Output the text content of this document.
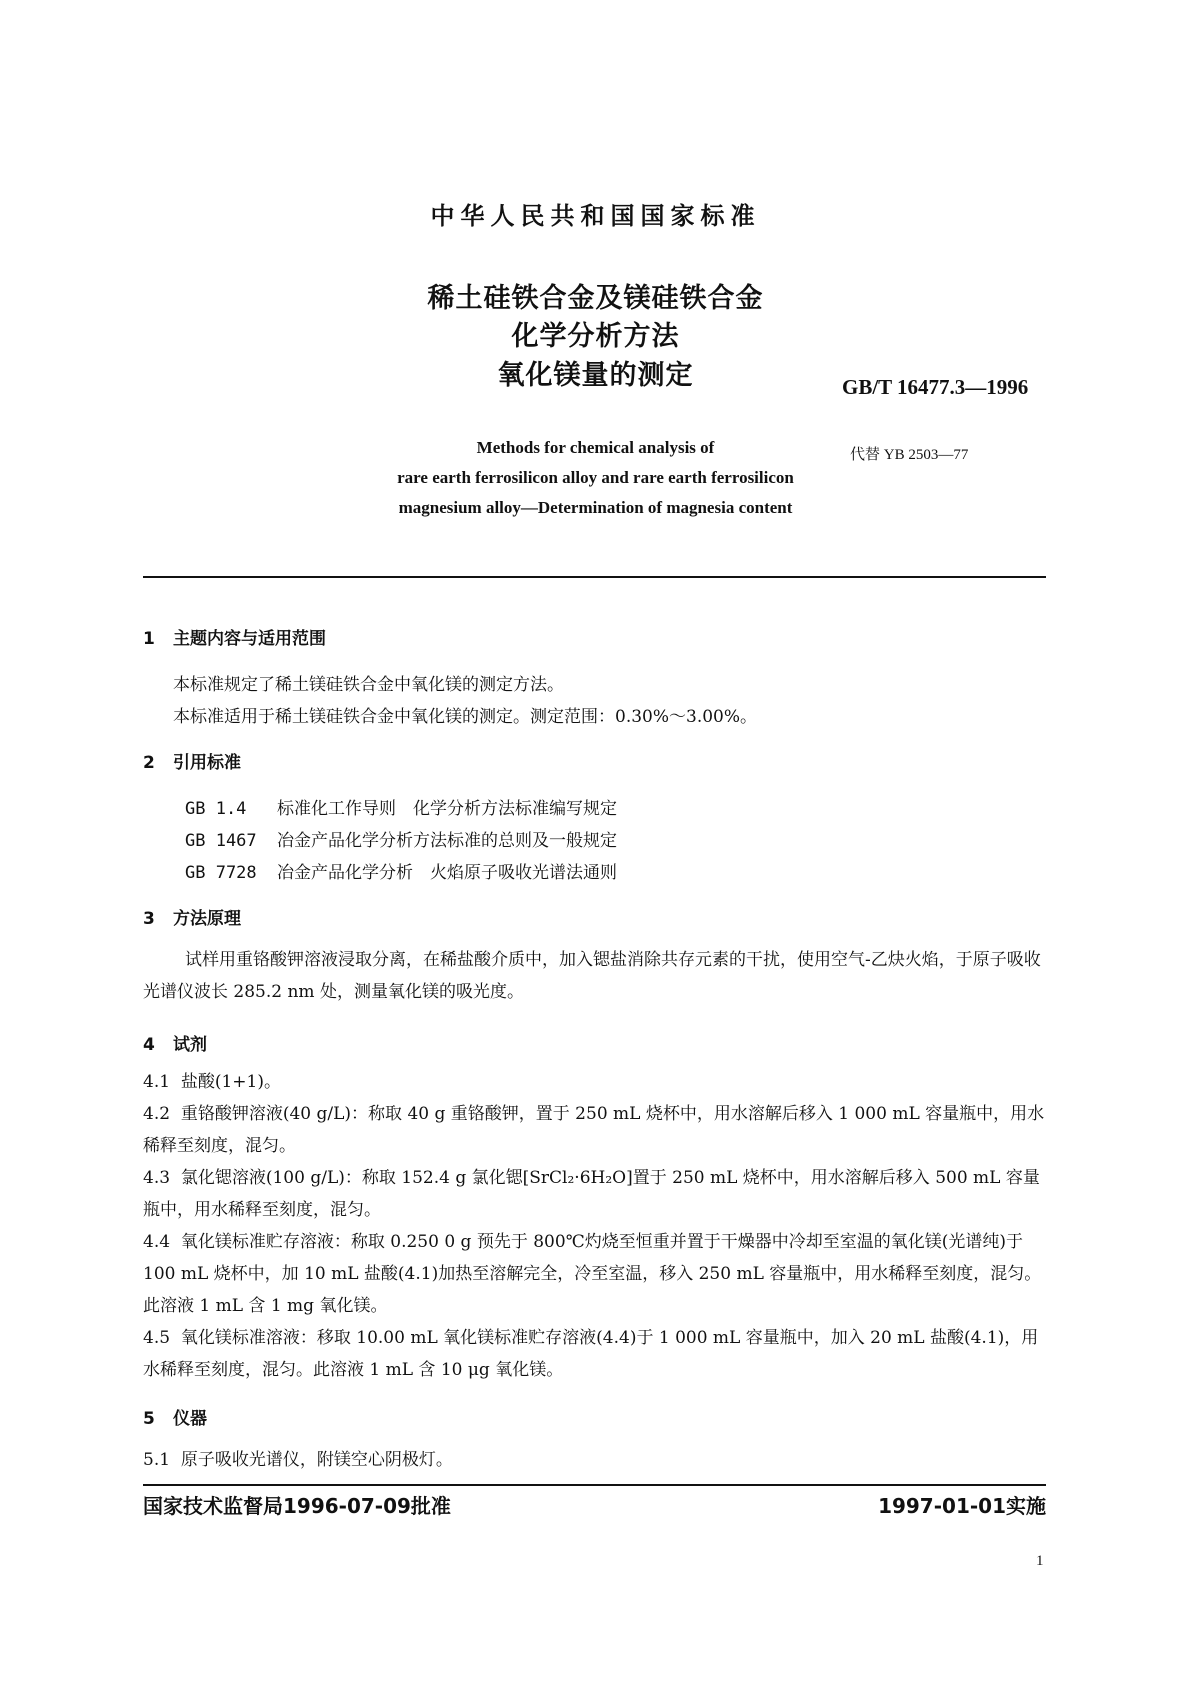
中华人民共和国国家标准
稀土硅铁合金及镁硅铁合金
化学分析方法
氧化镁量的测定	GB/T 16477.3—1996
Methods for chemical analysis of
rare earth ferrosilicon alloy and rare earth ferrosilicon
magnesium alloy—Determination of magnesia content
代替 YB 2503—77
1 主题内容与适用范围
本标准规定了稀土镁硅铁合金中氧化镁的测定方法。
本标准适用于稀土镁硅铁合金中氧化镁的测定。测定范围：0.30%～3.00%。
2 引用标准
GB 1.4 标准化工作导则　化学分析方法标准编写规定
GB 1467 冶金产品化学分析方法标准的总则及一般规定
GB 7728 冶金产品化学分析　火焰原子吸收光谱法通则
3 方法原理
试样用重铬酸钾溶液浸取分离，在稀盐酸介质中，加入锶盐消除共存元素的干扰，使用空气-乙炔火焰，于原子吸收光谱仪波长 285.2 nm 处，测量氧化镁的吸光度。
4 试剂
4.1 盐酸(1+1)。
4.2 重铬酸钾溶液(40 g/L)：称取 40 g 重铬酸钾，置于 250 mL 烧杯中，用水溶解后移入 1 000 mL 容量瓶中，用水稀释至刻度，混匀。
4.3 氯化锶溶液(100 g/L)：称取 152.4 g 氯化锶[SrCl₂·6H₂O]置于 250 mL 烧杯中，用水溶解后移入 500 mL 容量瓶中，用水稀释至刻度，混匀。
4.4 氧化镁标准贮存溶液：称取 0.250 0 g 预先于 800℃灼烧至恒重并置于干燥器中冷却至室温的氧化镁(光谱纯)于 100 mL 烧杯中，加 10 mL 盐酸(4.1)加热至溶解完全，冷至室温，移入 250 mL 容量瓶中，用水稀释至刻度，混匀。此溶液 1 mL 含 1 mg 氧化镁。
4.5 氧化镁标准溶液：移取 10.00 mL 氧化镁标准贮存溶液(4.4)于 1 000 mL 容量瓶中，加入 20 mL 盐酸(4.1)，用水稀释至刻度，混匀。此溶液 1 mL 含 10 μg 氧化镁。
5 仪器
5.1 原子吸收光谱仪，附镁空心阴极灯。
国家技术监督局1996-07-09批准	1997-01-01实施
1
